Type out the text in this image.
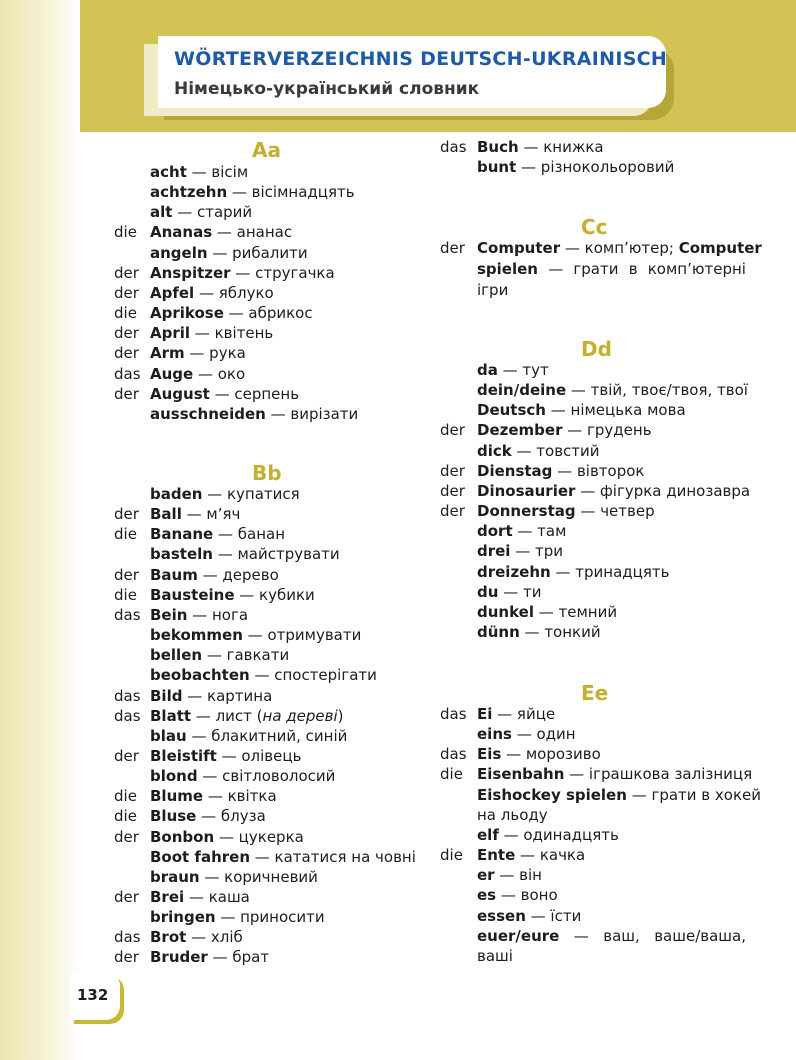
WÖRTERVERZEICHNIS DEUTSCH-UKRAINISCH
Німецько-український словник
Aa
acht — вісім
achtzehn — вісімнадцять
alt — старий
die Ananas — ананас
angeln — рибалити
der Anspitzer — стругачка
der Apfel — яблуко
die Aprikose — абрикос
der April — квітень
der Arm — рука
das Auge — око
der August — серпень
ausschneiden — вирізати
Bb
baden — купатися
der Ball — м’яч
die Banane — банан
basteln — майструвати
der Baum — дерево
die Bausteine — кубики
das Bein — нога
bekommen — отримувати
bellen — гавкати
beobachten — спостерігати
das Bild — картина
das Blatt — лист (на дереві)
blau — блакитний, синій
der Bleistift — олівець
blond — світловолосий
die Blume — квітка
die Bluse — блуза
der Bonbon — цукерка
Boot fahren — кататися на човні
braun — коричневий
der Brei — каша
bringen — приносити
das Brot — хліб
der Bruder — брат
das Buch — книжка
bunt — різнокольоровий
Cc
der Computer — комп’ютер; Computer
spielen — грати в комп’ютерні
ігри
Dd
da — тут
dein/deine — твій, твоє/твоя, твої
Deutsch — німецька мова
der Dezember — грудень
dick — товстий
der Dienstag — вівторок
der Dinosaurier — фігурка динозавра
der Donnerstag — четвер
dort — там
drei — три
dreizehn — тринадцять
du — ти
dunkel — темний
dünn — тонкий
Ee
das Ei — яйце
eins — один
das Eis — морозиво
die Eisenbahn — іграшкова залізниця
Eishockey spielen — грати в хокей
на льоду
elf — одинадцять
die Ente — качка
er — він
es — воно
essen — їсти
euer/eure — ваш, ваше/ваша,
ваші
132
